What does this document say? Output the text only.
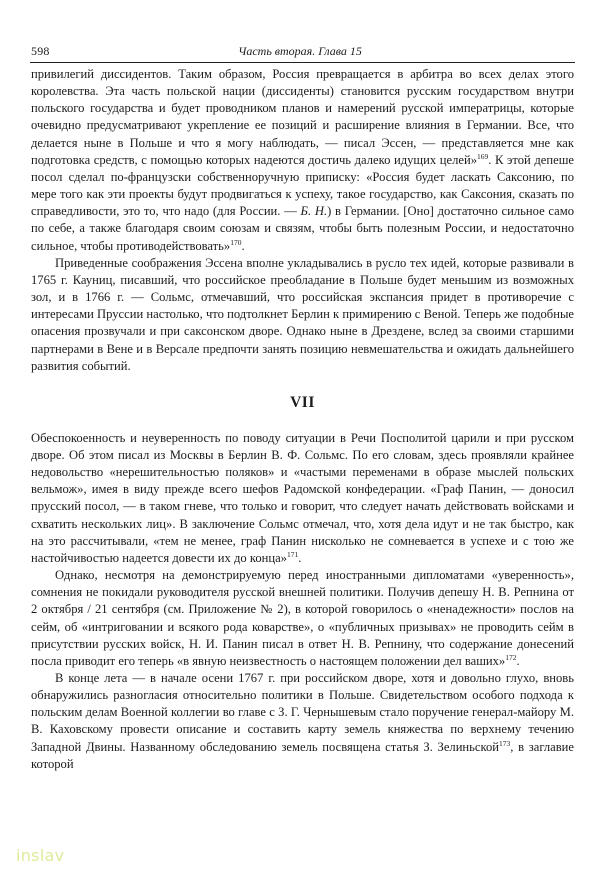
598	Часть вторая. Глава 15

привилегий диссидентов. Таким образом, Россия превращается в арбитра во всех делах этого королевства. Эта часть польской нации (диссиденты) становится русским государством внутри польского государства и будет проводником планов и намерений русской императрицы, которые очевидно предусматривают укрепление ее позиций и расширение влияния в Германии. Все, что делается ныне в Польше и что я могу наблюдать, — писал Эссен, — представляется мне как подготовка средств, с помощью которых надеются достичь далеко идущих целей»$^{169}$. К этой депеше посол сделал по-французски собственноручную приписку: «Россия будет ласкать Саксонию, по мере того как эти проекты будут продвигаться к успеху, такое государство, как Саксония, сказать по справедливости, это то, что надо (для России. — Б. Н.) в Германии. [Оно] достаточно сильное само по себе, а также благодаря своим союзам и связям, чтобы быть полезным России, и недостаточно сильное, чтобы противодействовать»$^{170}$.

Приведенные соображения Эссена вполне укладывались в русло тех идей, которые развивали в 1765 г. Кауниц, писавший, что российское преобладание в Польше будет меньшим из возможных зол, и в 1766 г. — Сольмс, отмечавший, что российская экспансия придет в противоречие с интересами Пруссии настолько, что подтолкнет Берлин к примирению с Веной. Теперь же подобные опасения прозвучали и при саксонском дворе. Однако ныне в Дрездене, вслед за своими старшими партнерами в Вене и в Версале предпочти занять позицию невмешательства и ожидать дальнейшего развития событий.

VII

Обеспокоенность и неуверенность по поводу ситуации в Речи Посполитой царили и при русском дворе. Об этом писал из Москвы в Берлин В. Ф. Сольмс. По его словам, здесь проявляли крайнее недовольство «нерешительностью поляков» и «частыми переменами в образе мыслей польских вельмож», имея в виду прежде всего шефов Радомской конфедерации. «Граф Панин, — доносил прусский посол, — в таком гневе, что только и говорит, что следует начать действовать войсками и схватить нескольких лиц». В заключение Сольмс отмечал, что, хотя дела идут и не так быстро, как на это рассчитывали, «тем не менее, граф Панин нисколько не сомневается в успехе и с тою же настойчивостью надеется довести их до конца»$^{171}$.

Однако, несмотря на демонстрируемую перед иностранными дипломатами «уверенность», сомнения не покидали руководителя русской внешней политики. Получив депешу Н. В. Репнина от 2 октября / 21 сентября (см. Приложение № 2), в которой говорилось о «ненадежности» послов на сейм, об «интриговании и всякого рода коварстве», о «публичных призывах» не проводить сейм в присутствии русских войск, Н. И. Панин писал в ответ Н. В. Репнину, что содержание донесений посла приводит его теперь «в явную неизвестность о настоящем положении дел ваших»$^{172}$.

В конце лета — в начале осени 1767 г. при российском дворе, хотя и довольно глухо, вновь обнаружились разногласия относительно политики в Польше. Свидетельством особого подхода к польским делам Военной коллегии во главе с З. Г. Чернышевым стало поручение генерал-майору М. В. Каховскому провести описание и составить карту земель княжества по верхнему течению Западной Двины. Названному обследованию земель посвящена статья З. Зелиньской$^{173}$, в заглавие которой

inslav
